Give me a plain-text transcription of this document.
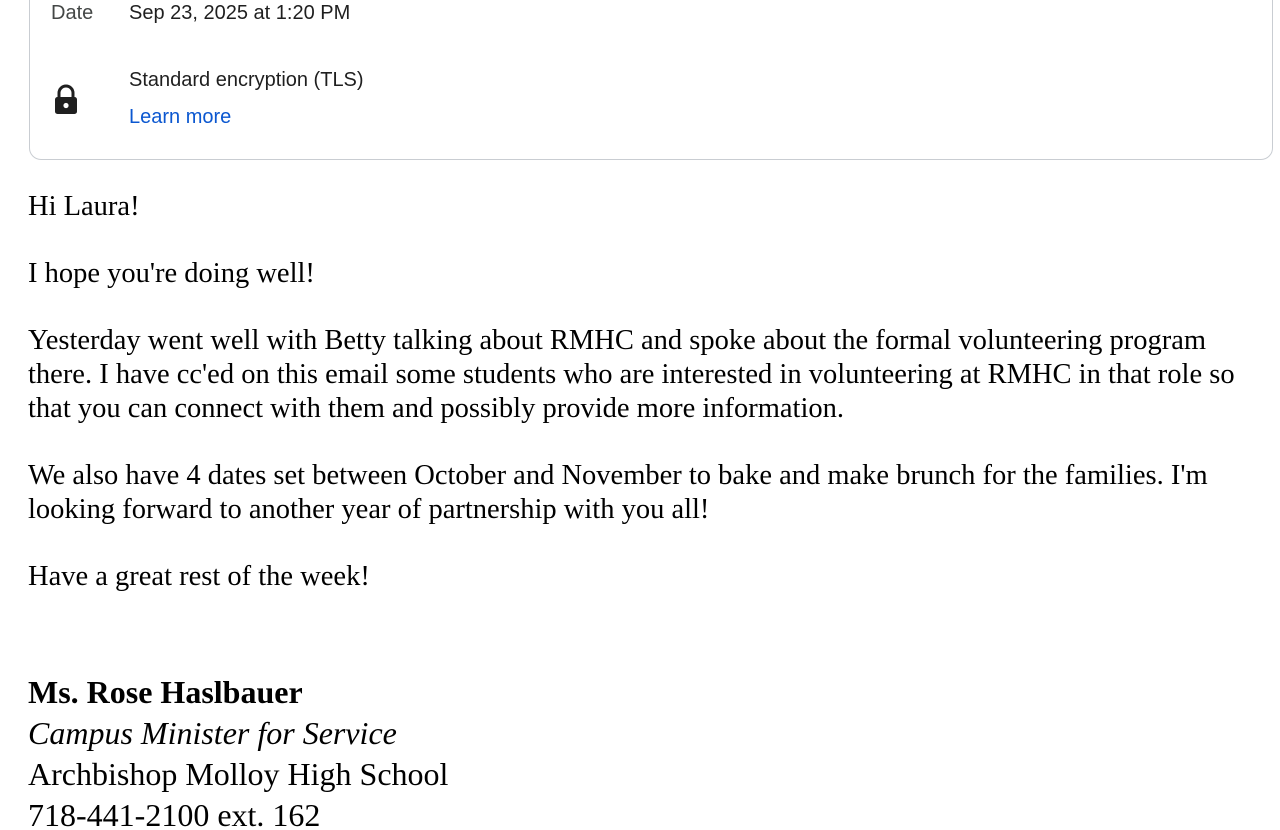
Date Sep 23, 2025 at 1:20 PM
Standard encryption (TLS)
Learn more

Hi Laura!

I hope you're doing well!

Yesterday went well with Betty talking about RMHC and spoke about the formal volunteering program there. I have cc'ed on this email some students who are interested in volunteering at RMHC in that role so that you can connect with them and possibly provide more information.

We also have 4 dates set between October and November to bake and make brunch for the families. I'm looking forward to another year of partnership with you all!

Have a great rest of the week!

Ms. Rose Haslbauer
Campus Minister for Service
Archbishop Molloy High School
718-441-2100 ext. 162
